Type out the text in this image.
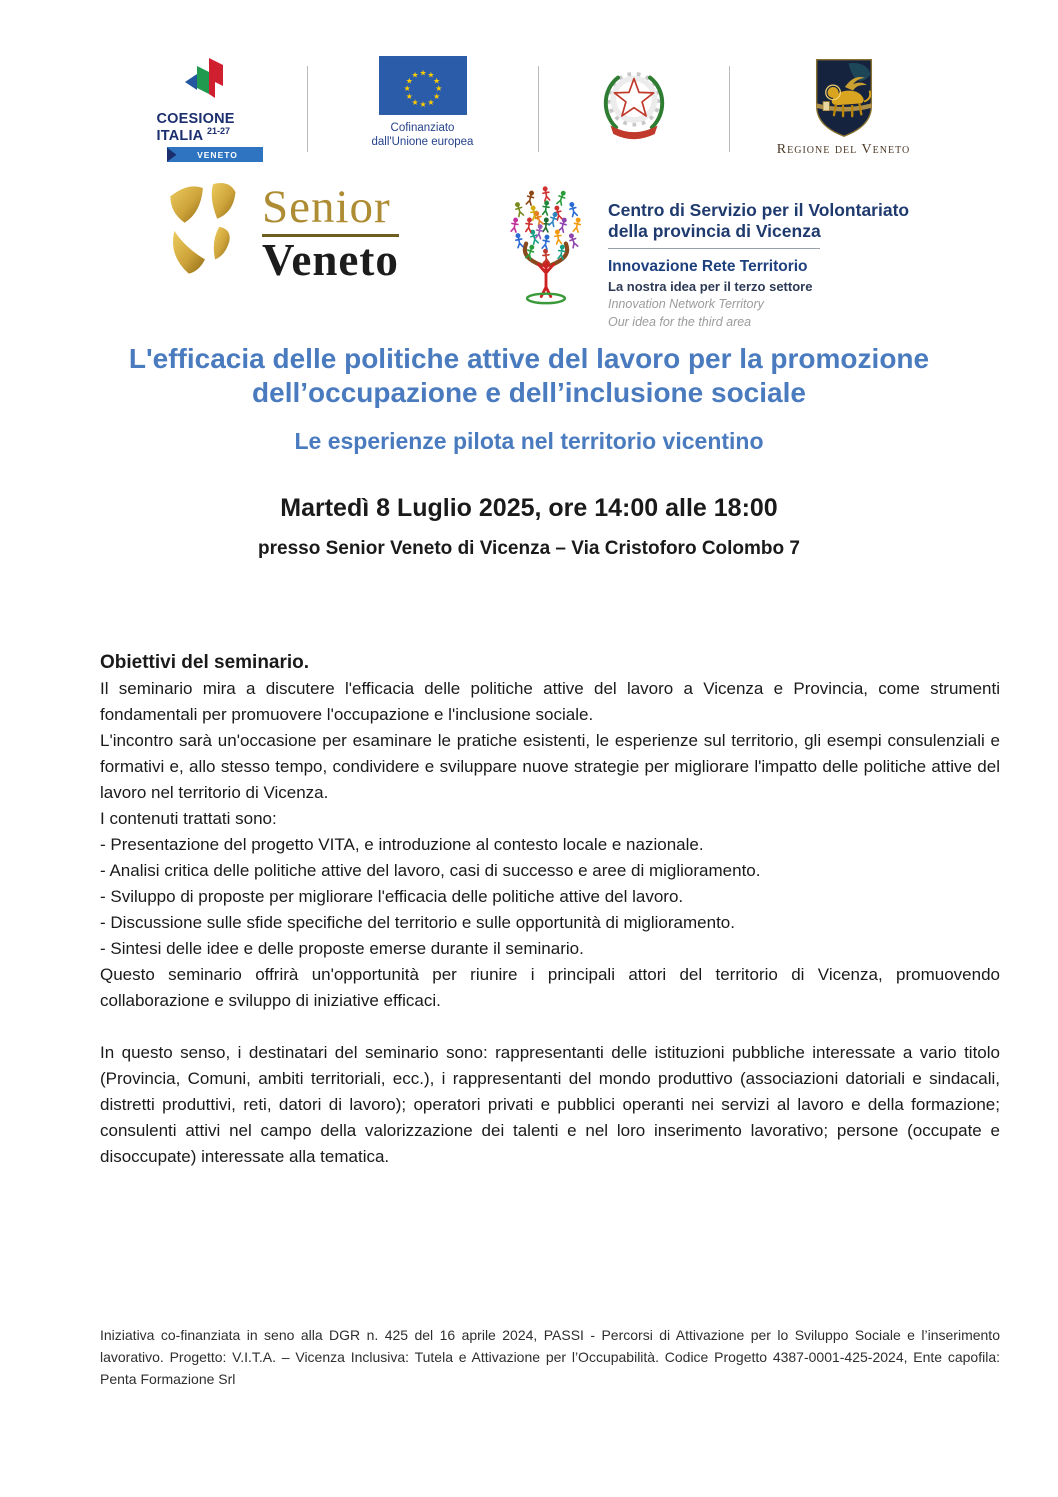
COESIONE
ITALIA $^{21-27}$
VENETO
★ ★
★
★
★
★
★
★
★
★
★
★
Cofinanziato
dall'Unione europea	Regione del Veneto
Senior
Veneto
Centro di Servizio per il Volontariato
della provincia di Vicenza
Innovazione Rete Territorio
La nostra idea per il terzo settore
Innovation Network Territory
Our idea for the third area
L'efficacia delle politiche attive del lavoro per la promozione dell’occupazione e dell’inclusione sociale
Le esperienze pilota nel territorio vicentino

Martedì 8 Luglio 2025, ore 14:00 alle 18:00

presso Senior Veneto di Vicenza – Via Cristoforo Colombo 7

Obiettivi del seminario.

Il seminario mira a discutere l'efficacia delle politiche attive del lavoro a Vicenza e Provincia, come strumenti fondamentali per promuovere l'occupazione e l'inclusione sociale.

L'incontro sarà un'occasione per esaminare le pratiche esistenti, le esperienze sul territorio, gli esempi consulenziali e formativi e, allo stesso tempo, condividere e sviluppare nuove strategie per migliorare l'impatto delle politiche attive del lavoro nel territorio di Vicenza.

I contenuti trattati sono:

- Presentazione del progetto VITA, e introduzione al contesto locale e nazionale.

- Analisi critica delle politiche attive del lavoro, casi di successo e aree di miglioramento.

- Sviluppo di proposte per migliorare l'efficacia delle politiche attive del lavoro.

- Discussione sulle sfide specifiche del territorio e sulle opportunità di miglioramento.

- Sintesi delle idee e delle proposte emerse durante il seminario.

Questo seminario offrirà un'opportunità per riunire i principali attori del territorio di Vicenza, promuovendo collaborazione e sviluppo di iniziative efficaci.

In questo senso, i destinatari del seminario sono: rappresentanti delle istituzioni pubbliche interessate a vario titolo (Provincia, Comuni, ambiti territoriali, ecc.), i rappresentanti del mondo produttivo (associazioni datoriali e sindacali, distretti produttivi, reti, datori di lavoro); operatori privati e pubblici operanti nei servizi al lavoro e della formazione; consulenti attivi nel campo della valorizzazione dei talenti e nel loro inserimento lavorativo; persone (occupate e disoccupate) interessate alla tematica.

Iniziativa co-finanziata in seno alla DGR n. 425 del 16 aprile 2024, PASSI - Percorsi di Attivazione per lo Sviluppo Sociale e l’inserimento lavorativo. Progetto: V.I.T.A. – Vicenza Inclusiva: Tutela e Attivazione per l’Occupabilità. Codice Progetto 4387-0001-425-2024, Ente capofila: Penta Formazione Srl
